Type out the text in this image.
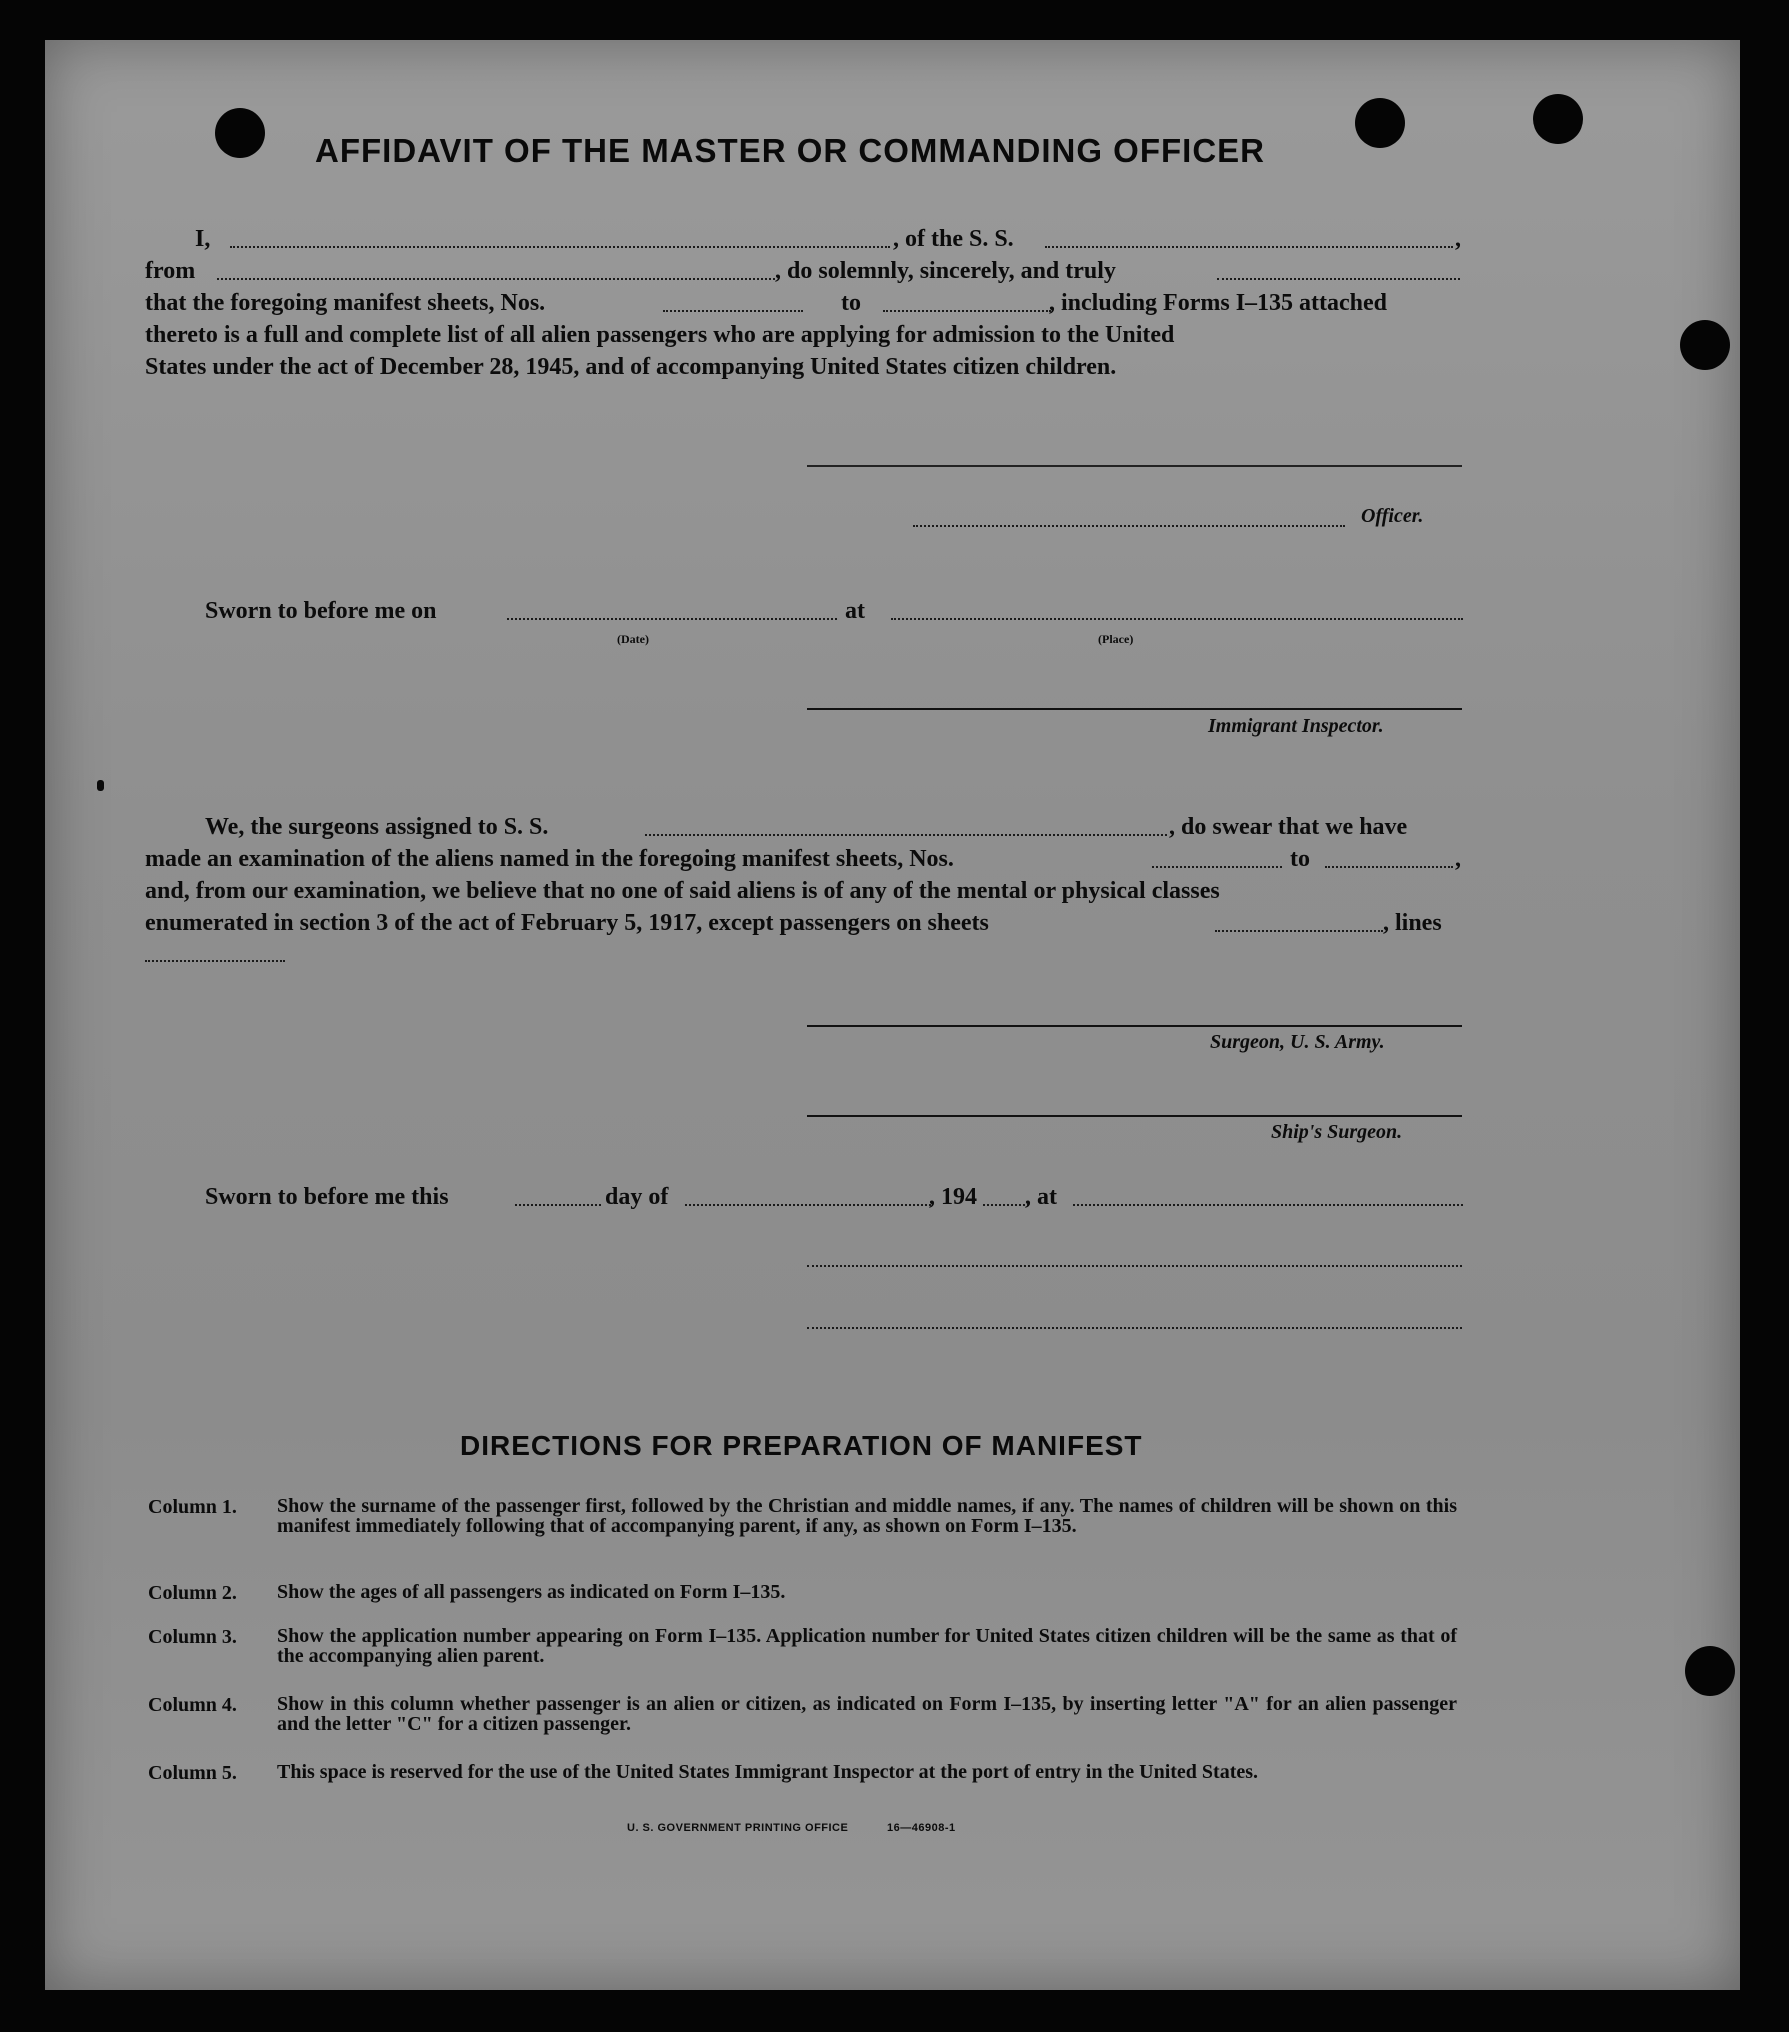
AFFIDAVIT OF THE MASTER OR COMMANDING OFFICER
I,	, of the S. S.	,
from	, do solemnly, sincerely, and truly
that the foregoing manifest sheets, Nos.	to	, including Forms I–135 attached
thereto is a full and complete list of all alien passengers who are applying for admission to the United
States under the act of December 28, 1945, and of accompanying United States citizen children.
Officer.
Sworn to before me on	at
(Date)	(Place)
Immigrant Inspector.
We, the surgeons assigned to S. S.	, do swear that we have
made an examination of the aliens named in the foregoing manifest sheets, Nos.	to	,
and, from our examination, we believe that no one of said aliens is of any of the mental or physical classes
enumerated in section 3 of the act of February 5, 1917, except passengers on sheets	, lines
Surgeon, U. S. Army.
Ship's Surgeon.
Sworn to before me this	day of	, 194 , at
DIRECTIONS FOR PREPARATION OF MANIFEST
Column 1. Show the surname of the passenger first, followed by the Christian and middle names, if any. The names of children will be shown on this manifest immediately following that of accompanying parent, if any, as shown on Form I–135.
Column 2. Show the ages of all passengers as indicated on Form I–135.
Column 3. Show the application number appearing on Form I–135. Application number for United States citizen children will be the same as that of the accompanying alien parent.
Column 4. Show in this column whether passenger is an alien or citizen, as indicated on Form I–135, by inserting letter "A" for an alien passenger and the letter "C" for a citizen passenger.
Column 5. This space is reserved for the use of the United States Immigrant Inspector at the port of entry in the United States.
U. S. GOVERNMENT PRINTING OFFICE	16—46908-1
